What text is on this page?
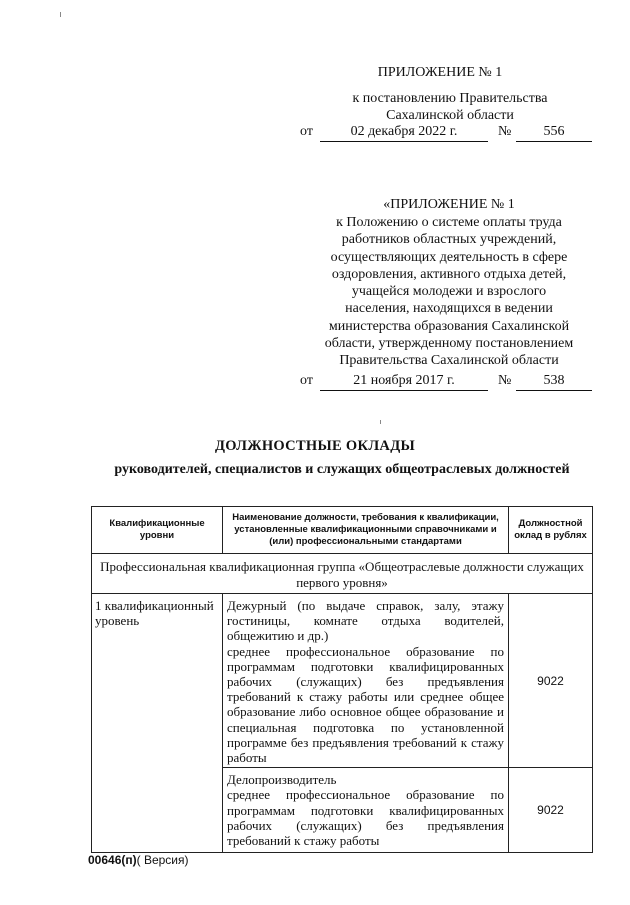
ПРИЛОЖЕНИЕ № 1
к постановлению Правительства
Сахалинской области
от	02 декабря 2022 г.	№	556
«ПРИЛОЖЕНИЕ № 1
к Положению о системе оплаты труда
работников областных учреждений,
осуществляющих деятельность в сфере
оздоровления, активного отдыха детей,
учащейся молодежи и взрослого
населения, находящихся в ведении
министерства образования Сахалинской
области, утвержденному постановлением
Правительства Сахалинской области
от	21 ноября 2017 г.	№	538
ДОЛЖНОСТНЫЕ ОКЛАДЫ
руководителей, специалистов и служащих общеотраслевых должностей
Квалификационные уровни	Наименование должности, требования к квалификации, установленные квалификационными справочниками и (или) профессиональными стандартами	Должностной оклад в рублях
Профессиональная квалификационная группа «Общеотраслевые должности служащих первого уровня»		
1 квалификационный уровень	Дежурный (по выдаче справок, залу, этажу гостиницы, комнате отдыха водителей, общежитию и др.)
среднее профессиональное образование по программам подготовки квалифицированных рабочих (служащих) без предъявления требований к стажу работы или среднее общее образование либо основное общее образование и специальная подготовка по установленной программе без предъявления требований к стажу работы	9022

	Делопроизводитель
среднее профессиональное образование по программам подготовки квалифицированных рабочих (служащих) без предъявления требований к стажу работы	9022
00646(п)( Версия)
